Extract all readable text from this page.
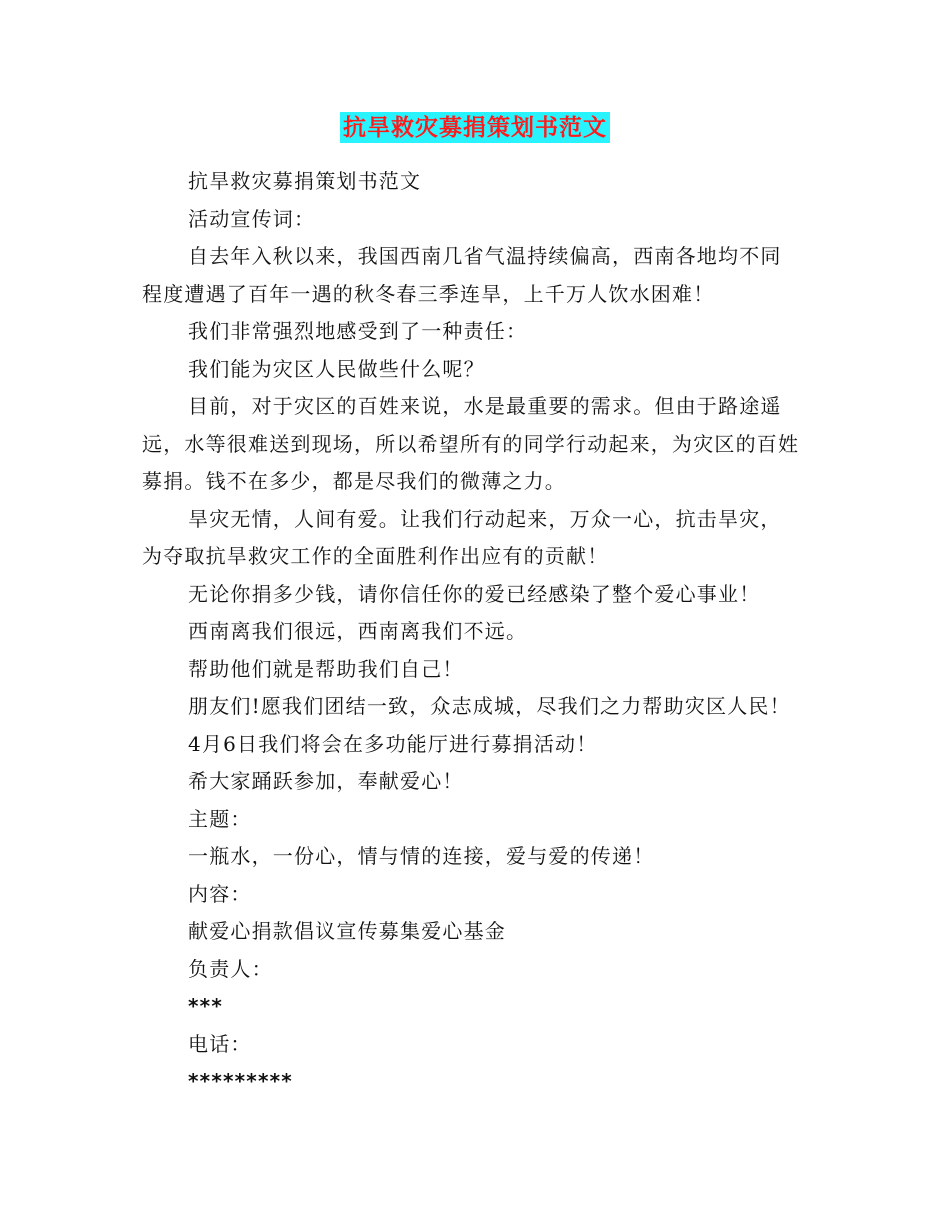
抗旱救灾募捐策划书范文

抗旱救灾募捐策划书范文

活动宣传词：

自去年入秋以来，我国西南几省气温持续偏高，西南各地均不同程度遭遇了百年一遇的秋冬春三季连旱，上千万人饮水困难！

我们非常强烈地感受到了一种责任：

我们能为灾区人民做些什么呢？

目前，对于灾区的百姓来说，水是最重要的需求。但由于路途遥远，水等很难送到现场，所以希望所有的同学行动起来，为灾区的百姓募捐。钱不在多少，都是尽我们的微薄之力。

旱灾无情，人间有爱。让我们行动起来，万众一心，抗击旱灾，为夺取抗旱救灾工作的全面胜利作出应有的贡献！

无论你捐多少钱，请你信任你的爱已经感染了整个爱心事业！

西南离我们很远，西南离我们不远。

帮助他们就是帮助我们自己！

朋友们!愿我们团结一致，众志成城，尽我们之力帮助灾区人民！

4月6日我们将会在多功能厅进行募捐活动！

希大家踊跃参加，奉献爱心！

主题：

一瓶水，一份心，情与情的连接，爱与爱的传递！

内容：

献爱心捐款倡议宣传募集爱心基金

负责人：

***

电话：

*********
